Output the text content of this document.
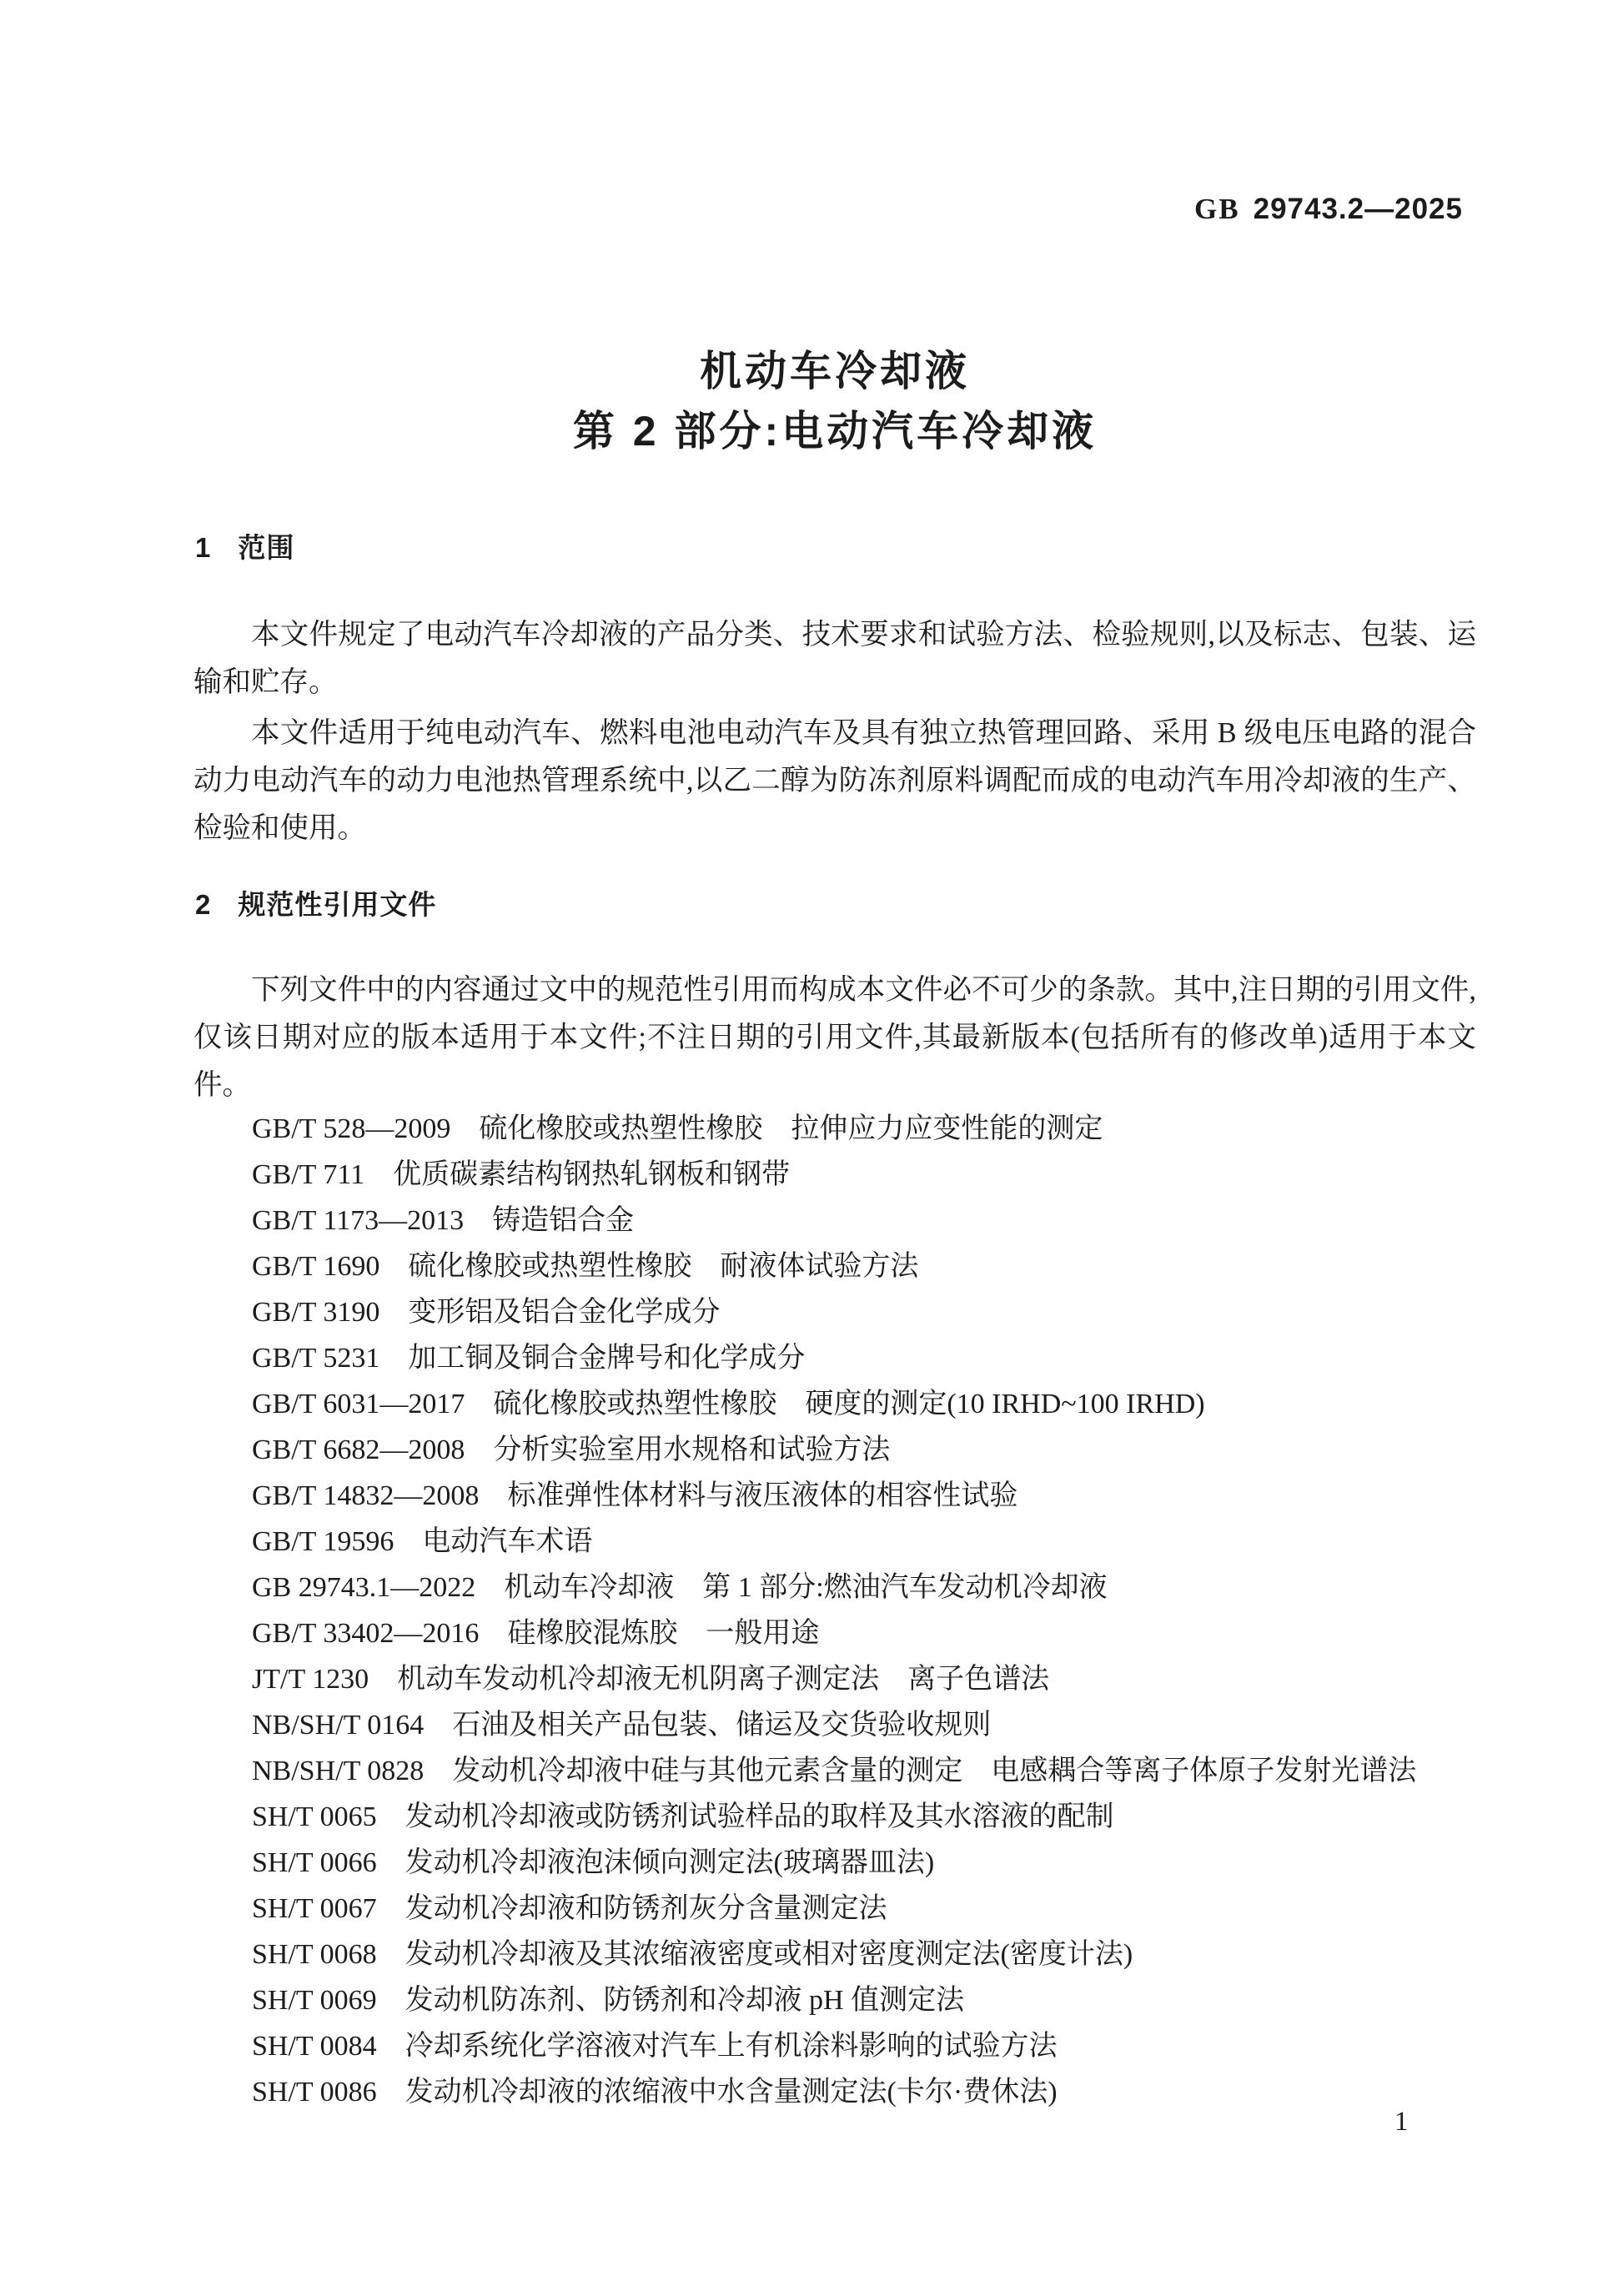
GB 29743.2—2025
机动车冷却液
第 2 部分:电动汽车冷却液
1 范围

本文件规定了电动汽车冷却液的产品分类、技术要求和试验方法、检验规则,以及标志、包装、运输和贮存。

本文件适用于纯电动汽车、燃料电池电动汽车及具有独立热管理回路、采用 B 级电压电路的混合动力电动汽车的动力电池热管理系统中,以乙二醇为防冻剂原料调配而成的电动汽车用冷却液的生产、检验和使用。

2 规范性引用文件

下列文件中的内容通过文中的规范性引用而构成本文件必不可少的条款。其中,注日期的引用文件,仅该日期对应的版本适用于本文件;不注日期的引用文件,其最新版本(包括所有的修改单)适用于本文件。

GB/T 528—2009　硫化橡胶或热塑性橡胶　拉伸应力应变性能的测定
GB/T 711　优质碳素结构钢热轧钢板和钢带
GB/T 1173—2013　铸造铝合金
GB/T 1690　硫化橡胶或热塑性橡胶　耐液体试验方法
GB/T 3190　变形铝及铝合金化学成分
GB/T 5231　加工铜及铜合金牌号和化学成分
GB/T 6031—2017　硫化橡胶或热塑性橡胶　硬度的测定(10 IRHD~100 IRHD)
GB/T 6682—2008　分析实验室用水规格和试验方法
GB/T 14832—2008　标准弹性体材料与液压液体的相容性试验
GB/T 19596　电动汽车术语
GB 29743.1—2022　机动车冷却液　第 1 部分:燃油汽车发动机冷却液
GB/T 33402—2016　硅橡胶混炼胶　一般用途
JT/T 1230　机动车发动机冷却液无机阴离子测定法　离子色谱法
NB/SH/T 0164　石油及相关产品包装、储运及交货验收规则
NB/SH/T 0828　发动机冷却液中硅与其他元素含量的测定　电感耦合等离子体原子发射光谱法
SH/T 0065　发动机冷却液或防锈剂试验样品的取样及其水溶液的配制
SH/T 0066　发动机冷却液泡沫倾向测定法(玻璃器皿法)
SH/T 0067　发动机冷却液和防锈剂灰分含量测定法
SH/T 0068　发动机冷却液及其浓缩液密度或相对密度测定法(密度计法)
SH/T 0069　发动机防冻剂、防锈剂和冷却液 pH 值测定法
SH/T 0084　冷却系统化学溶液对汽车上有机涂料影响的试验方法
SH/T 0086　发动机冷却液的浓缩液中水含量测定法(卡尔·费休法)
1
